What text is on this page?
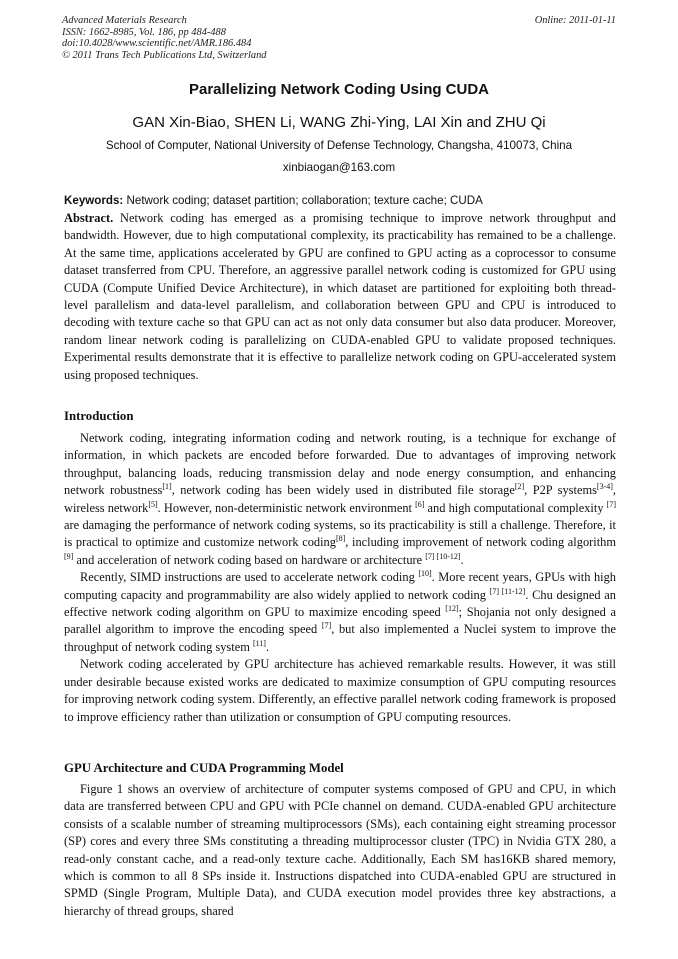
Advanced Materials Research
ISSN: 1662-8985, Vol. 186, pp 484-488
doi:10.4028/www.scientific.net/AMR.186.484
© 2011 Trans Tech Publications Ltd, Switzerland
Online: 2011-01-11
Parallelizing Network Coding Using CUDA
GAN Xin-Biao, SHEN Li, WANG Zhi-Ying, LAI Xin and ZHU Qi
School of Computer, National University of Defense Technology, Changsha, 410073, China
xinbiaogan@163.com
Keywords: Network coding; dataset partition; collaboration; texture cache; CUDA

Abstract. Network coding has emerged as a promising technique to improve network throughput and bandwidth. However, due to high computational complexity, its practicability has remained to be a challenge. At the same time, applications accelerated by GPU are confined to GPU acting as a coprocessor to consume dataset transferred from CPU. Therefore, an aggressive parallel network coding is customized for GPU using CUDA (Compute Unified Device Architecture), in which dataset are partitioned for exploiting both thread-level parallelism and data-level parallelism, and collaboration between GPU and CPU is introduced to decoding with texture cache so that GPU can act as not only data consumer but also data producer. Moreover, random linear network coding is parallelizing on CUDA-enabled GPU to validate proposed techniques. Experimental results demonstrate that it is effective to parallelize network coding on GPU-accelerated system using proposed techniques.

Introduction

Network coding, integrating information coding and network routing, is a technique for exchange of information, in which packets are encoded before forwarded. Due to advantages of improving network throughput, balancing loads, reducing transmission delay and node energy consumption, and enhancing network robustness[1], network coding has been widely used in distributed file storage[2], P2P systems[3-4], wireless network[5]. However, non-deterministic network environment [6] and high computational complexity [7] are damaging the performance of network coding systems, so its practicability is still a challenge. Therefore, it is practical to optimize and customize network coding[8], including improvement of network coding algorithm [9] and acceleration of network coding based on hardware or architecture [7] [10-12].

Recently, SIMD instructions are used to accelerate network coding [10]. More recent years, GPUs with high computing capacity and programmability are also widely applied to network coding [7] [11-12]. Chu designed an effective network coding algorithm on GPU to maximize encoding speed [12]; Shojania not only designed a parallel algorithm to improve the encoding speed [7], but also implemented a Nuclei system to improve the throughput of network coding system [11].

Network coding accelerated by GPU architecture has achieved remarkable results. However, it was still under desirable because existed works are dedicated to maximize consumption of GPU computing resources for improving network coding system. Differently, an effective parallel network coding framework is proposed to improve efficiency rather than utilization or consumption of GPU computing resources.

GPU Architecture and CUDA Programming Model

Figure 1 shows an overview of architecture of computer systems composed of GPU and CPU, in which data are transferred between CPU and GPU with PCIe channel on demand. CUDA-enabled GPU architecture consists of a scalable number of streaming multiprocessors (SMs), each containing eight streaming processor (SP) cores and every three SMs constituting a threading multiprocessor cluster (TPC) in Nvidia GTX 280, a read-only constant cache, and a read-only texture cache. Additionally, Each SM has16KB shared memory, which is common to all 8 SPs inside it. Instructions dispatched into CUDA-enabled GPU are structured in SPMD (Single Program, Multiple Data), and CUDA execution model provides three key abstractions, a hierarchy of thread groups, shared
